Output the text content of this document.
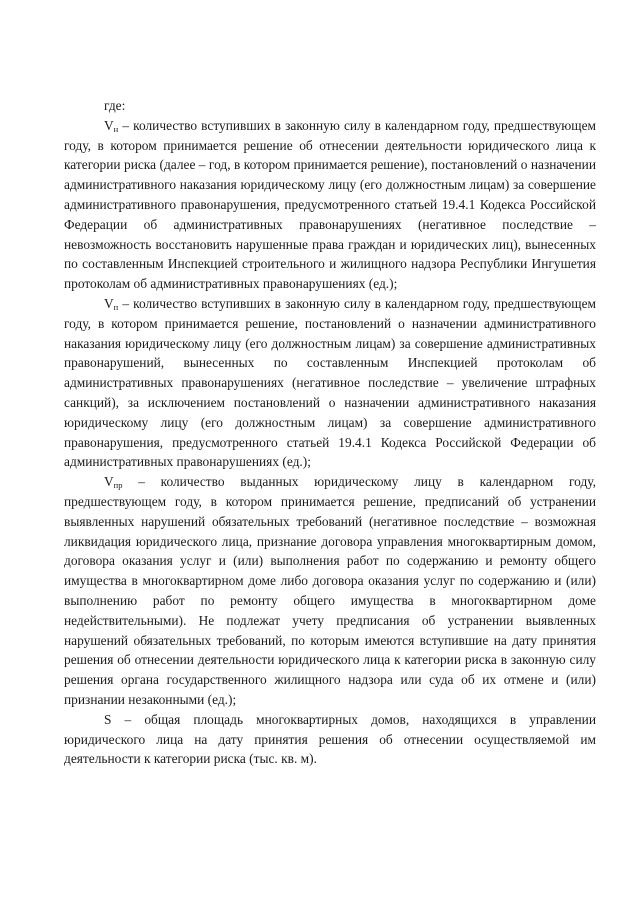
где:

$V_н$ – количество вступивших в законную силу в календарном году, предшествующем году, в котором принимается решение об отнесении деятельности юридического лица к категории риска (далее – год, в котором принимается решение), постановлений о назначении административного наказания юридическому лицу (его должностным лицам) за совершение административного правонарушения, предусмотренного статьей 19.4.1 Кодекса Российской Федерации об административных правонарушениях (негативное последствие – невозможность восстановить нарушенные права граждан и юридических лиц), вынесенных по составленным Инспекцией строительного и жилищного надзора Республики Ингушетия протоколам об административных правонарушениях (ед.);

$V_п$ – количество вступивших в законную силу в календарном году, предшествующем году, в котором принимается решение, постановлений о назначении административного наказания юридическому лицу (его должностным лицам) за совершение административных правонарушений, вынесенных по составленным Инспекцией протоколам об административных правонарушениях (негативное последствие – увеличение штрафных санкций), за исключением постановлений о назначении административного наказания юридическому лицу (его должностным лицам) за совершение административного правонарушения, предусмотренного статьей 19.4.1 Кодекса Российской Федерации об административных правонарушениях (ед.);

$V_{пр}$ – количество выданных юридическому лицу в календарном году, предшествующем году, в котором принимается решение, предписаний об устранении выявленных нарушений обязательных требований (негативное последствие – возможная ликвидация юридического лица, признание договора управления многоквартирным домом, договора оказания услуг и (или) выполнения работ по содержанию и ремонту общего имущества в многоквартирном доме либо договора оказания услуг по содержанию и (или) выполнению работ по ремонту общего имущества в многоквартирном доме недействительными). Не подлежат учету предписания об устранении выявленных нарушений обязательных требований, по которым имеются вступившие на дату принятия решения об отнесении деятельности юридического лица к категории риска в законную силу решения органа государственного жилищного надзора или суда об их отмене и (или) признании незаконными (ед.);

S – общая площадь многоквартирных домов, находящихся в управлении юридического лица на дату принятия решения об отнесении осуществляемой им деятельности к категории риска (тыс. кв. м).
